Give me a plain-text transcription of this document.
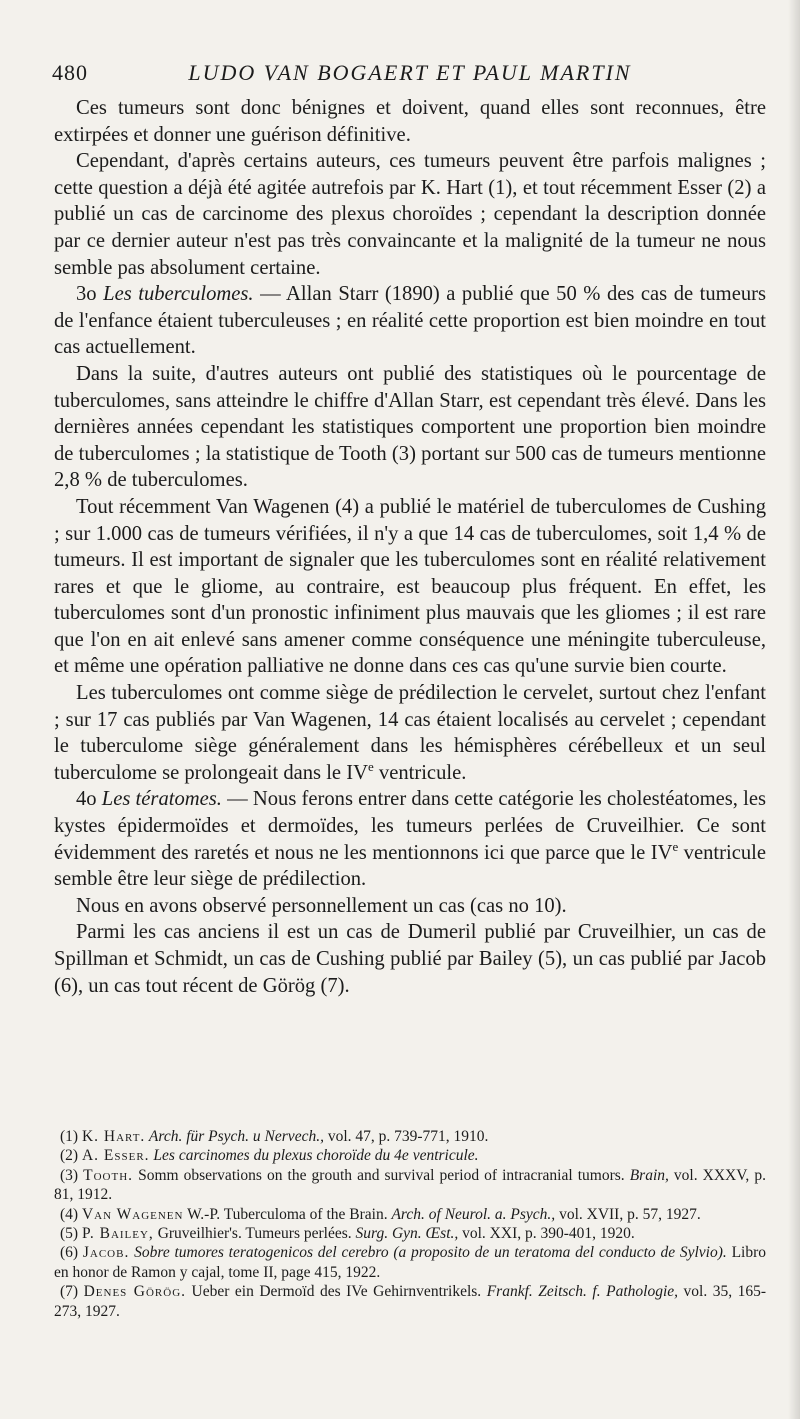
480	LUDO VAN BOGAERT ET PAUL MARTIN

Ces tumeurs sont donc bénignes et doivent, quand elles sont reconnues, être extirpées et donner une guérison définitive.

Cependant, d'après certains auteurs, ces tumeurs peuvent être parfois malignes ; cette question a déjà été agitée autrefois par K. Hart (1), et tout récemment Esser (2) a publié un cas de carcinome des plexus choroïdes ; cependant la description donnée par ce dernier auteur n'est pas très convaincante et la malignité de la tumeur ne nous semble pas absolument certaine.

3o Les tuberculomes. — Allan Starr (1890) a publié que 50 % des cas de tumeurs de l'enfance étaient tuberculeuses ; en réalité cette proportion est bien moindre en tout cas actuellement.

Dans la suite, d'autres auteurs ont publié des statistiques où le pourcentage de tuberculomes, sans atteindre le chiffre d'Allan Starr, est cependant très élevé. Dans les dernières années cependant les statistiques comportent une proportion bien moindre de tuberculomes ; la statistique de Tooth (3) portant sur 500 cas de tumeurs mentionne 2,8 % de tuberculomes.

Tout récemment Van Wagenen (4) a publié le matériel de tuberculomes de Cushing ; sur 1.000 cas de tumeurs vérifiées, il n'y a que 14 cas de tuberculomes, soit 1,4 % de tumeurs. Il est important de signaler que les tuberculomes sont en réalité relativement rares et que le gliome, au contraire, est beaucoup plus fréquent. En effet, les tuberculomes sont d'un pronostic infiniment plus mauvais que les gliomes ; il est rare que l'on en ait enlevé sans amener comme conséquence une méningite tuberculeuse, et même une opération palliative ne donne dans ces cas qu'une survie bien courte.

Les tuberculomes ont comme siège de prédilection le cervelet, surtout chez l'enfant ; sur 17 cas publiés par Van Wagenen, 14 cas étaient localisés au cervelet ; cependant le tuberculome siège généralement dans les hémisphères cérébelleux et un seul tuberculome se prolongeait dans le IVe ventricule.

4o Les tératomes. — Nous ferons entrer dans cette catégorie les cholestéatomes, les kystes épidermoïdes et dermoïdes, les tumeurs perlées de Cruveilhier. Ce sont évidemment des raretés et nous ne les mentionnons ici que parce que le IVe ventricule semble être leur siège de prédilection.

Nous en avons observé personnellement un cas (cas no 10).

Parmi les cas anciens il est un cas de Dumeril publié par Cruveilhier, un cas de Spillman et Schmidt, un cas de Cushing publié par Bailey (5), un cas publié par Jacob (6), un cas tout récent de Görög (7).

(1) K. Hart. Arch. für Psych. u Nervech., vol. 47, p. 739-771, 1910.

(2) A. Esser. Les carcinomes du plexus choroïde du 4e ventricule.

(3) Tooth. Somm observations on the grouth and survival period of intracranial tumors. Brain, vol. XXXV, p. 81, 1912.

(4) Van Wagenen W.-P. Tuberculoma of the Brain. Arch. of Neurol. a. Psych., vol. XVII, p. 57, 1927.

(5) P. Bailey, Gruveilhier's. Tumeurs perlées. Surg. Gyn. Œst., vol. XXI, p. 390-401, 1920.

(6) Jacob. Sobre tumores teratogenicos del cerebro (a proposito de un teratoma del conducto de Sylvio). Libro en honor de Ramon y cajal, tome II, page 415, 1922.

(7) Denes Görög. Ueber ein Dermoïd des IVe Gehirnventrikels. Frankf. Zeitsch. f. Pathologie, vol. 35, 165-273, 1927.
